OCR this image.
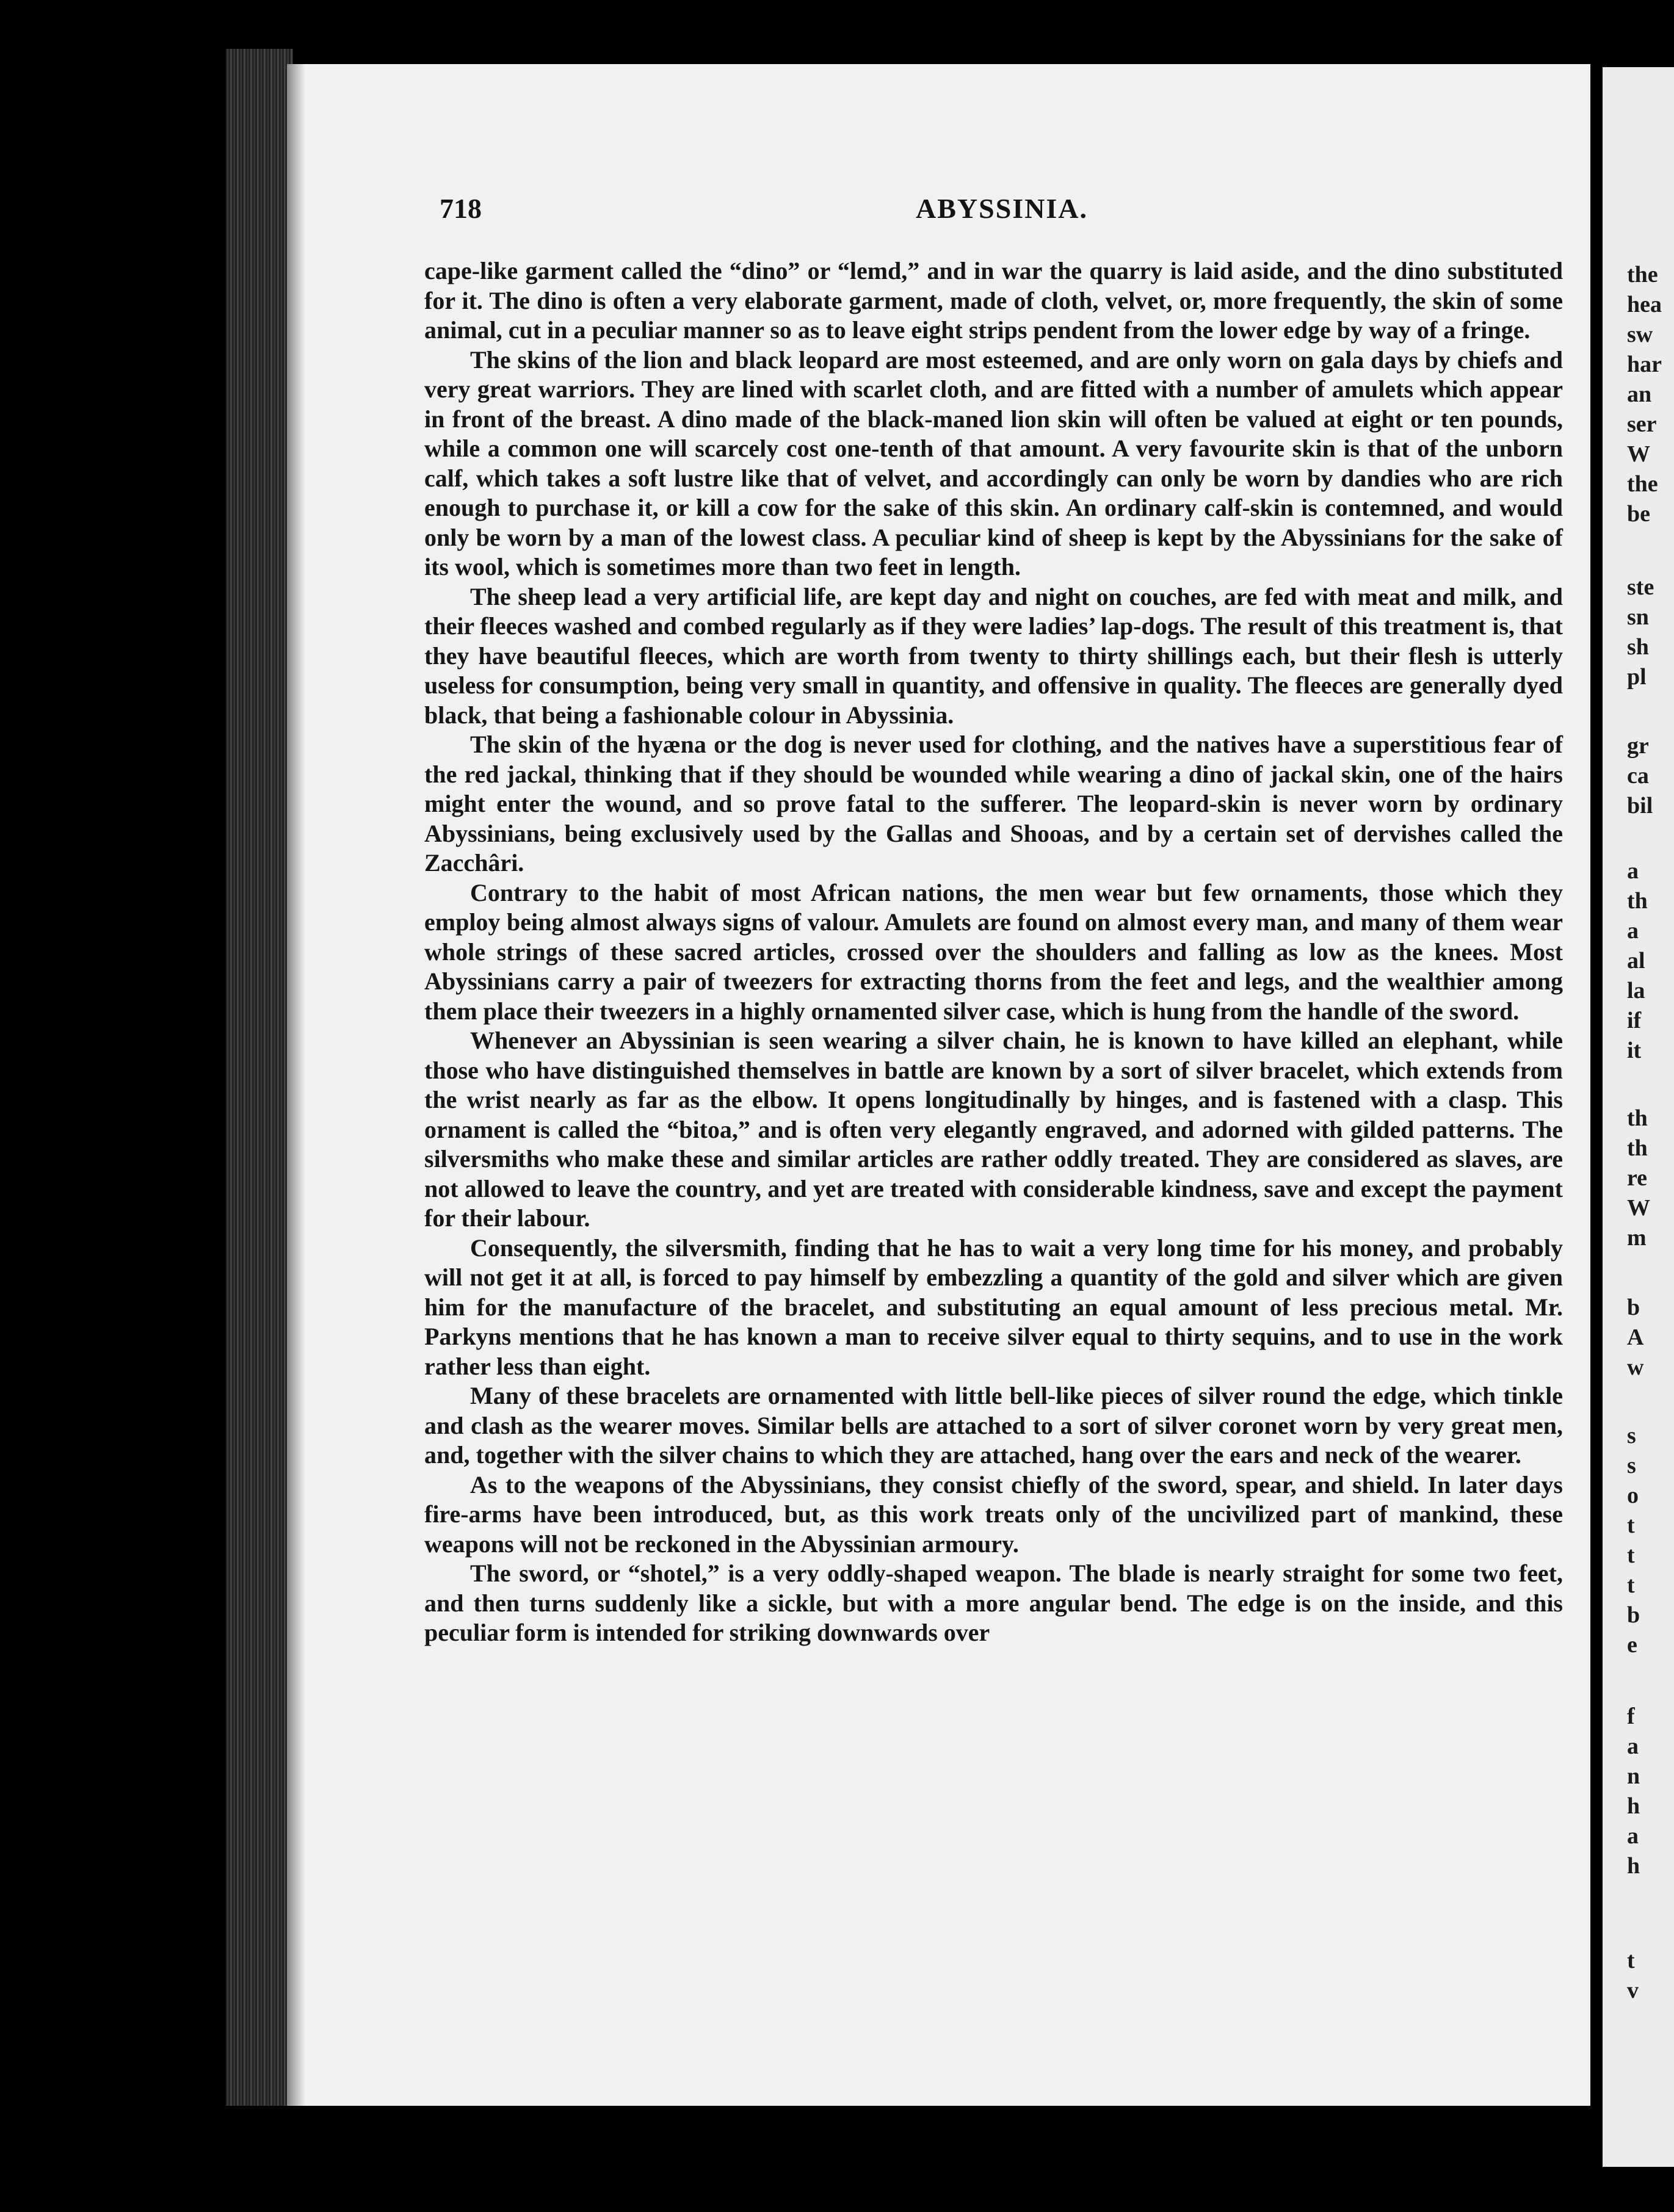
the
hea
sw
har
an
ser
W
the
be
ste
sn
sh
pl
gr
ca
bil
a
th
a
al
la
if
it
th
th
re
W
m
b
A
w
s
s
o
t
t
t
b
e
f
a
n
h
a
h
t
v
718	ABYSSINIA.

cape-like garment called the “dino” or “lemd,” and in war the quarry is laid aside, and the dino substituted for it. The dino is often a very elaborate garment, made of cloth, velvet, or, more frequently, the skin of some animal, cut in a peculiar manner so as to leave eight strips pendent from the lower edge by way of a fringe.

The skins of the lion and black leopard are most esteemed, and are only worn on gala days by chiefs and very great warriors. They are lined with scarlet cloth, and are fitted with a number of amulets which appear in front of the breast. A dino made of the black-maned lion skin will often be valued at eight or ten pounds, while a common one will scarcely cost one-tenth of that amount. A very favourite skin is that of the unborn calf, which takes a soft lustre like that of velvet, and accordingly can only be worn by dandies who are rich enough to purchase it, or kill a cow for the sake of this skin. An ordinary calf-skin is contemned, and would only be worn by a man of the lowest class. A peculiar kind of sheep is kept by the Abyssinians for the sake of its wool, which is sometimes more than two feet in length.

The sheep lead a very artificial life, are kept day and night on couches, are fed with meat and milk, and their fleeces washed and combed regularly as if they were ladies’ lap-dogs. The result of this treatment is, that they have beautiful fleeces, which are worth from twenty to thirty shillings each, but their flesh is utterly useless for consumption, being very small in quantity, and offensive in quality. The fleeces are generally dyed black, that being a fashionable colour in Abyssinia.

The skin of the hyæna or the dog is never used for clothing, and the natives have a superstitious fear of the red jackal, thinking that if they should be wounded while wearing a dino of jackal skin, one of the hairs might enter the wound, and so prove fatal to the sufferer. The leopard-skin is never worn by ordinary Abyssinians, being exclusively used by the Gallas and Shooas, and by a certain set of dervishes called the Zacchâri.

Contrary to the habit of most African nations, the men wear but few ornaments, those which they employ being almost always signs of valour. Amulets are found on almost every man, and many of them wear whole strings of these sacred articles, crossed over the shoulders and falling as low as the knees. Most Abyssinians carry a pair of tweezers for extracting thorns from the feet and legs, and the wealthier among them place their tweezers in a highly ornamented silver case, which is hung from the handle of the sword.

Whenever an Abyssinian is seen wearing a silver chain, he is known to have killed an elephant, while those who have distinguished themselves in battle are known by a sort of silver bracelet, which extends from the wrist nearly as far as the elbow. It opens longitudinally by hinges, and is fastened with a clasp. This ornament is called the “bitoa,” and is often very elegantly engraved, and adorned with gilded patterns. The silversmiths who make these and similar articles are rather oddly treated. They are considered as slaves, are not allowed to leave the country, and yet are treated with considerable kindness, save and except the payment for their labour.

Consequently, the silversmith, finding that he has to wait a very long time for his money, and probably will not get it at all, is forced to pay himself by embezzling a quantity of the gold and silver which are given him for the manufacture of the bracelet, and substituting an equal amount of less precious metal. Mr. Parkyns mentions that he has known a man to receive silver equal to thirty sequins, and to use in the work rather less than eight.

Many of these bracelets are ornamented with little bell-like pieces of silver round the edge, which tinkle and clash as the wearer moves. Similar bells are attached to a sort of silver coronet worn by very great men, and, together with the silver chains to which they are attached, hang over the ears and neck of the wearer.

As to the weapons of the Abyssinians, they consist chiefly of the sword, spear, and shield. In later days fire-arms have been introduced, but, as this work treats only of the uncivilized part of mankind, these weapons will not be reckoned in the Abyssinian armoury.

The sword, or “shotel,” is a very oddly-shaped weapon. The blade is nearly straight for some two feet, and then turns suddenly like a sickle, but with a more angular bend. The edge is on the inside, and this peculiar form is intended for striking downwards over
